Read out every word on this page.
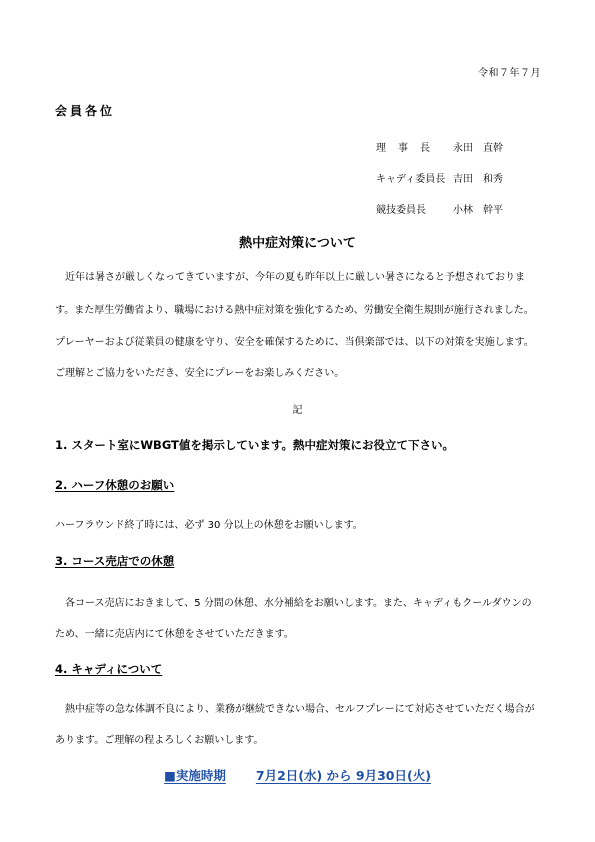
令和７年７月
会員各位
理　事　長 永田　直幹
キャディ委員長 吉田　和秀
競技委員長	小林　幹平
熱中症対策について
　近年は暑さが厳しくなってきていますが、今年の夏も昨年以上に厳しい暑さになると予想されておりま
す。また厚生労働省より、職場における熱中症対策を強化するため、労働安全衛生規則が施行されました。
プレーヤーおよび従業員の健康を守り、安全を確保するために、当倶楽部では、以下の対策を実施します。
ご理解とご協力をいただき、安全にプレーをお楽しみください。
記
1. スタート室にWBGT値を掲示しています。熱中症対策にお役立て下さい。
2. ハーフ休憩のお願い
ハーフラウンド終了時には、必ず 30 分以上の休憩をお願いします。
3. コース売店での休憩
　各コース売店におきまして、5 分間の休憩、水分補給をお願いします。また、キャディもクールダウンの
ため、一緒に売店内にて休憩をさせていただきます。
4. キャディについて
　熱中症等の急な体調不良により、業務が継続できない場合、セルフプレーにて対応させていただく場合が
あります。ご理解の程よろしくお願いします。
■実施時期 7月2日(水) から 9月30日(火)
